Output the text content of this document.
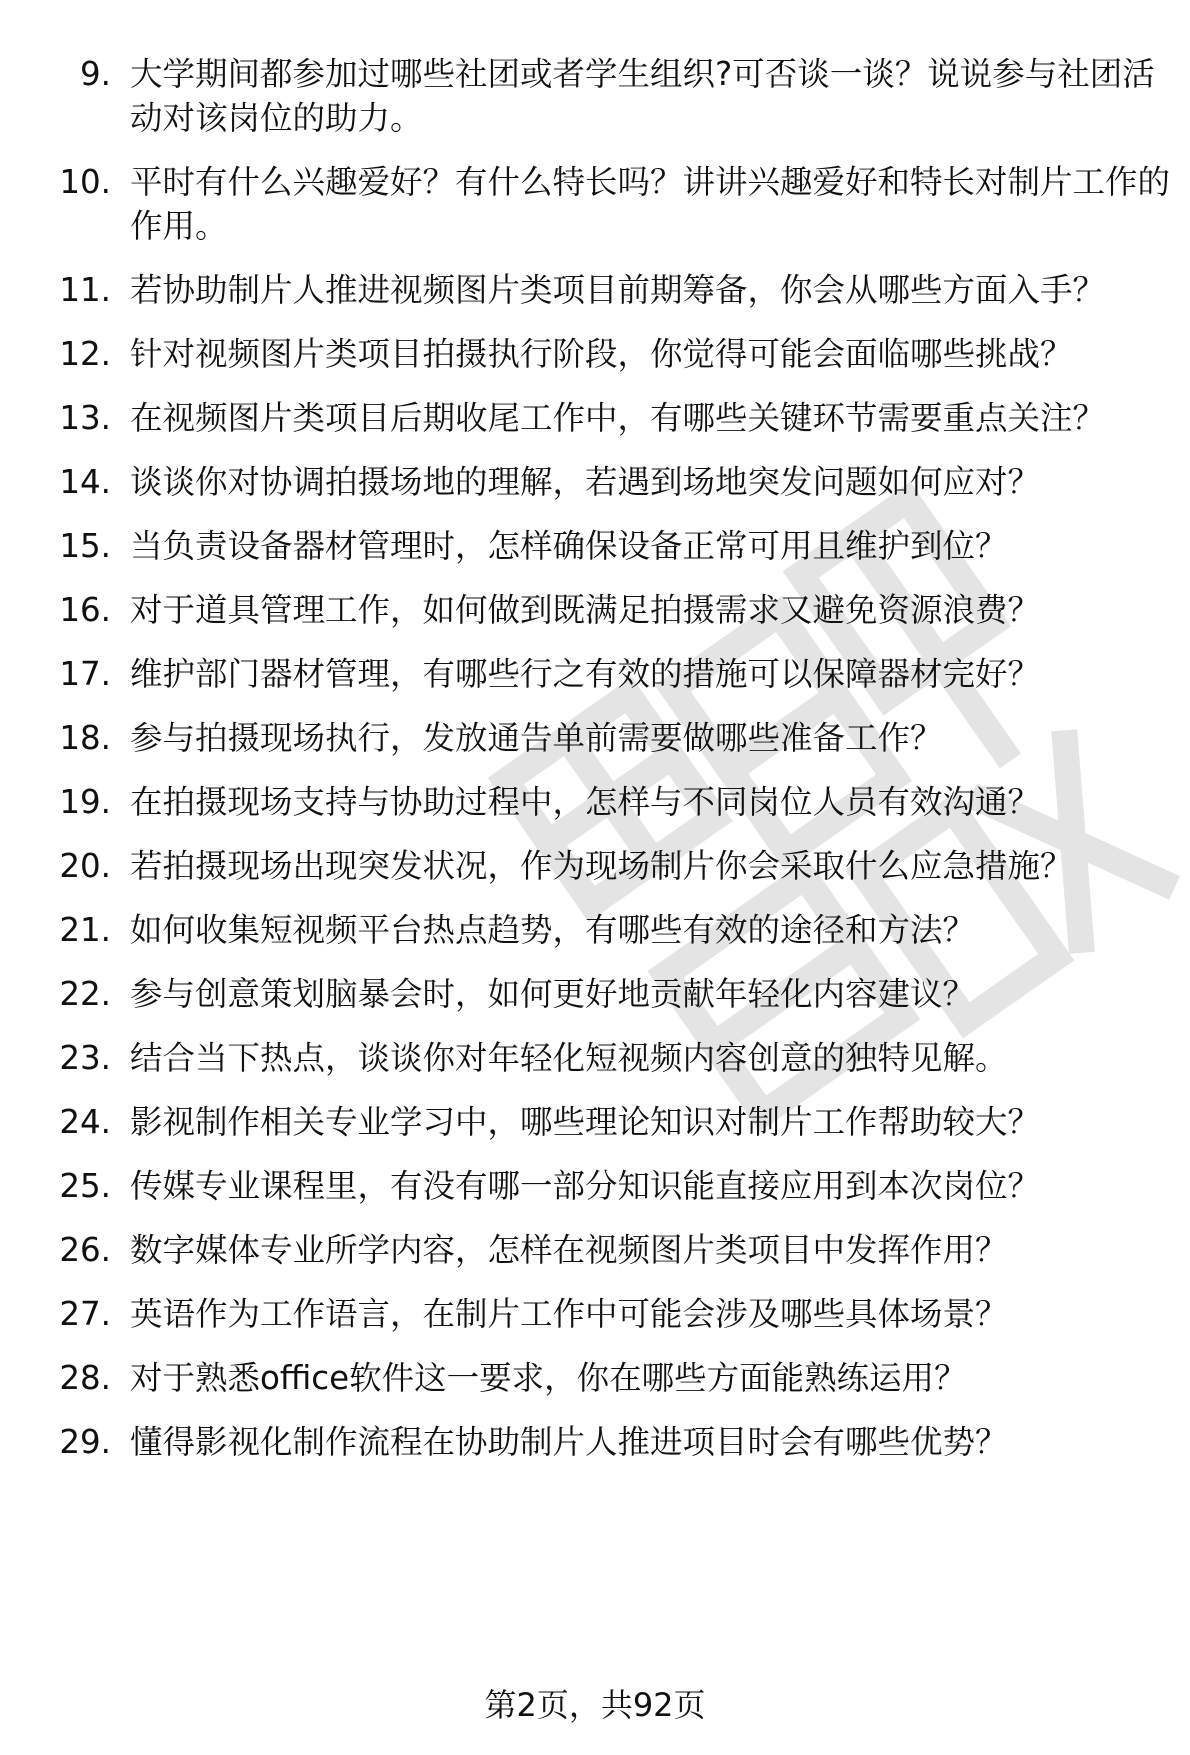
9. 大学期间都参加过哪些社团或者学生组织?可否谈一谈？说说参与社团活动对该岗位的助力。
10. 平时有什么兴趣爱好？有什么特长吗？讲讲兴趣爱好和特长对制片工作的作用。
11. 若协助制片人推进视频图片类项目前期筹备，你会从哪些方面入手？
12. 针对视频图片类项目拍摄执行阶段，你觉得可能会面临哪些挑战？
13. 在视频图片类项目后期收尾工作中，有哪些关键环节需要重点关注？
14. 谈谈你对协调拍摄场地的理解，若遇到场地突发问题如何应对？
15. 当负责设备器材管理时，怎样确保设备正常可用且维护到位？
16. 对于道具管理工作，如何做到既满足拍摄需求又避免资源浪费？
17. 维护部门器材管理，有哪些行之有效的措施可以保障器材完好？
18. 参与拍摄现场执行，发放通告单前需要做哪些准备工作？
19. 在拍摄现场支持与协助过程中，怎样与不同岗位人员有效沟通？
20. 若拍摄现场出现突发状况，作为现场制片你会采取什么应急措施？
21. 如何收集短视频平台热点趋势，有哪些有效的途径和方法？
22. 参与创意策划脑暴会时，如何更好地贡献年轻化内容建议？
23. 结合当下热点，谈谈你对年轻化短视频内容创意的独特见解。
24. 影视制作相关专业学习中，哪些理论知识对制片工作帮助较大？
25. 传媒专业课程里，有没有哪一部分知识能直接应用到本次岗位？
26. 数字媒体专业所学内容，怎样在视频图片类项目中发挥作用？
27. 英语作为工作语言，在制片工作中可能会涉及哪些具体场景？
28. 对于熟悉office软件这一要求，你在哪些方面能熟练运用？
29. 懂得影视化制作流程在协助制片人推进项目时会有哪些优势？
第2页，共92页
